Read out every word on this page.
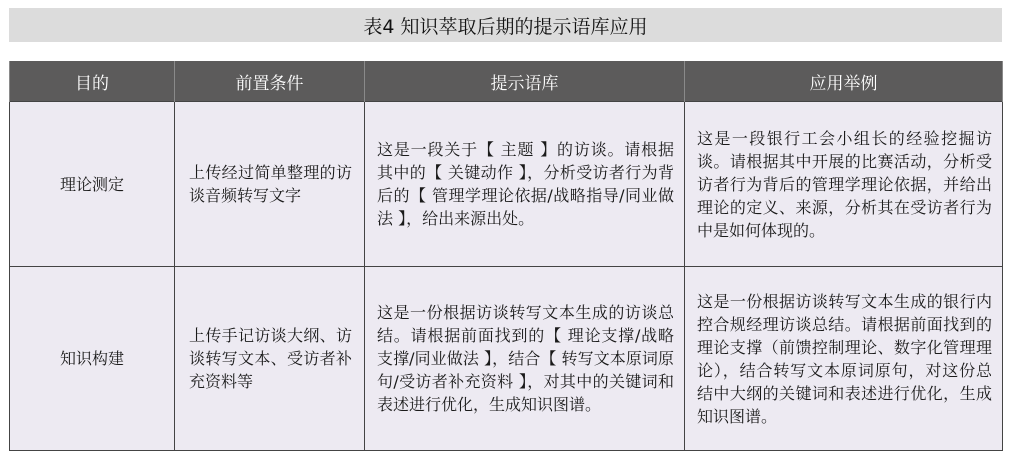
表4 知识萃取后期的提示语库应用
目的	前置条件	提示语库	应用举例
理论测定	上传经过简单整理的访谈音频转写文字	这是一段关于【 主题 】的访谈。请根据其中的【 关键动作 】，分析受访者行为背后的【 管理学理论依据/战略指导/同业做法 】，给出来源出处。	这是一段银行工会小组长的经验挖掘访谈。请根据其中开展的比赛活动，分析受访者行为背后的管理学理论依据，并给出理论的定义、来源，分析其在受访者行为中是如何体现的。
知识构建	上传手记访谈大纲、访谈转写文本、受访者补充资料等	这是一份根据访谈转写文本生成的访谈总结。请根据前面找到的【 理论支撑/战略支撑/同业做法 】，结合【 转写文本原词原句/受访者补充资料 】，对其中的关键词和表述进行优化，生成知识图谱。	这是一份根据访谈转写文本生成的银行内控合规经理访谈总结。请根据前面找到的理论支撑（前馈控制理论、数字化管理理论），结合转写文本原词原句，对这份总结中大纲的关键词和表述进行优化，生成知识图谱。
